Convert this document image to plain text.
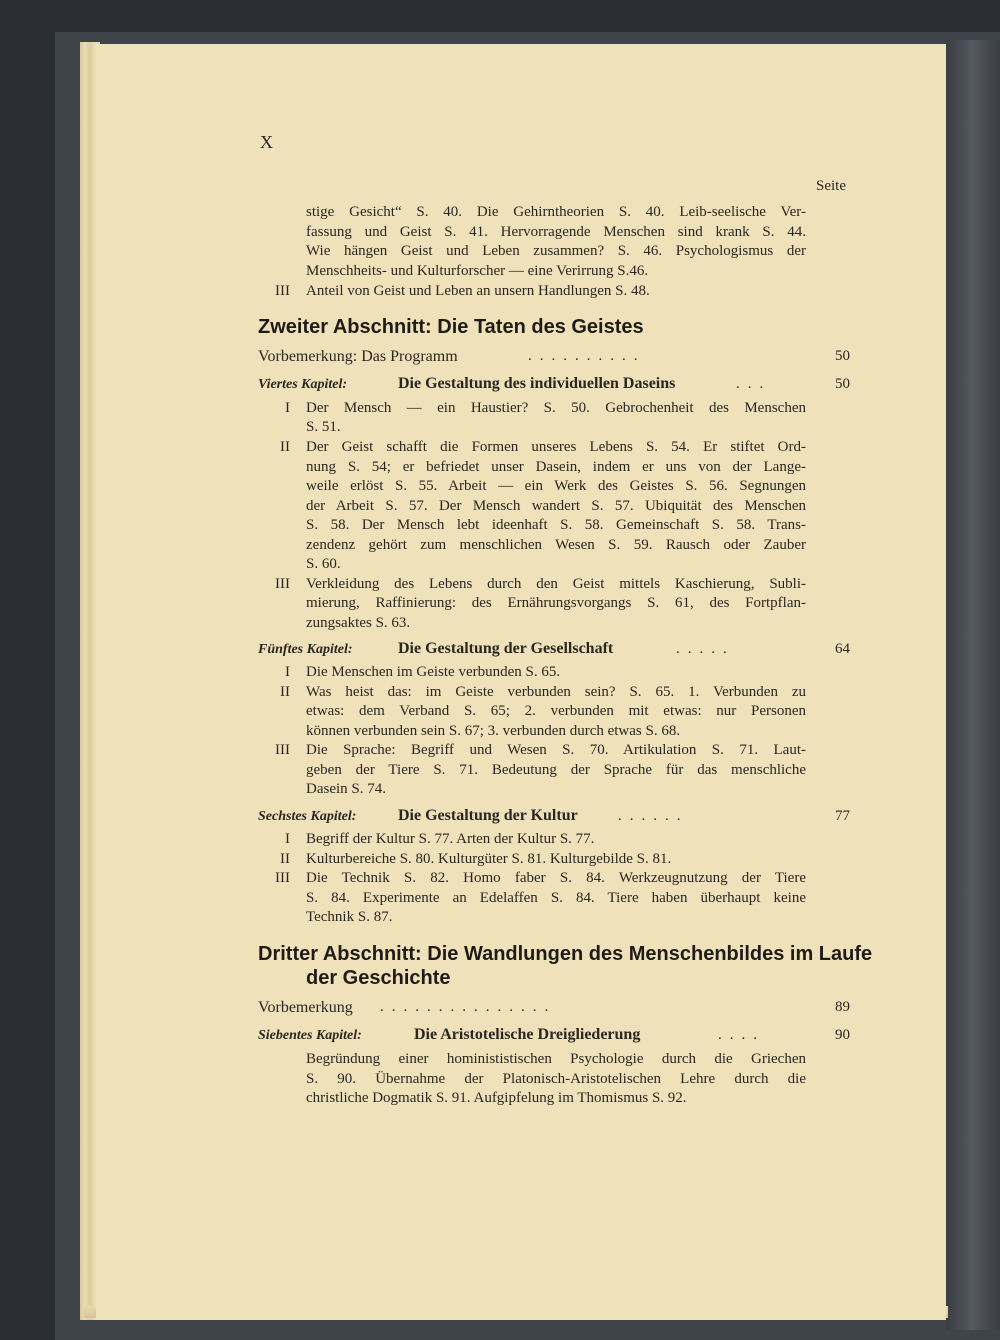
X
Seite
stige Gesicht“ S. 40. Die Gehirntheorien S. 40. Leib-seelische Ver-
fassung und Geist S. 41. Hervorragende Menschen sind krank S. 44.
Wie hängen Geist und Leben zusammen? S. 46. Psychologismus der
Menschheits- und Kulturforscher — eine Verirrung S.46.
III Anteil von Geist und Leben an unsern Handlungen S. 48.
Zweiter Abschnitt: Die Taten des Geistes
Vorbemerkung: Das Programm	..........	50
Viertes Kapitel:	Die Gestaltung des individuellen Daseins	...	50
I Der Mensch — ein Haustier? S. 50. Gebrochenheit des Menschen
S. 51.
II Der Geist schafft die Formen unseres Lebens S. 54. Er stiftet Ord-
nung S. 54; er befriedet unser Dasein, indem er uns von der Lange-
weile erlöst S. 55. Arbeit — ein Werk des Geistes S. 56. Segnungen
der Arbeit S. 57. Der Mensch wandert S. 57. Ubiquität des Menschen
S. 58. Der Mensch lebt ideenhaft S. 58. Gemeinschaft S. 58. Trans-
zendenz gehört zum menschlichen Wesen S. 59. Rausch oder Zauber
S. 60.
III Verkleidung des Lebens durch den Geist mittels Kaschierung, Subli-
mierung, Raffinierung: des Ernährungsvorgangs S. 61, des Fortpflan-
zungsaktes S. 63.
Fünftes Kapitel:	Die Gestaltung der Gesellschaft	.....	64
I Die Menschen im Geiste verbunden S. 65.
II Was heist das: im Geiste verbunden sein? S. 65. 1. Verbunden zu
etwas: dem Verband S. 65; 2. verbunden mit etwas: nur Personen
können verbunden sein S. 67; 3. verbunden durch etwas S. 68.
III Die Sprache: Begriff und Wesen S. 70. Artikulation S. 71. Laut-
geben der Tiere S. 71. Bedeutung der Sprache für das menschliche
Dasein S. 74.
Sechstes Kapitel:	Die Gestaltung der Kultur	......	77
I Begriff der Kultur S. 77. Arten der Kultur S. 77.
II Kulturbereiche S. 80. Kulturgüter S. 81. Kulturgebilde S. 81.
III Die Technik S. 82. Homo faber S. 84. Werkzeugnutzung der Tiere
S. 84. Experimente an Edelaffen S. 84. Tiere haben überhaupt keine
Technik S. 87.
Dritter Abschnitt: Die Wandlungen des Menschenbildes im Laufe
der Geschichte
Vorbemerkung ...............	89
Siebentes Kapitel:	Die Aristotelische Dreigliederung	....	90
Begründung einer hominististischen Psychologie durch die Griechen
S. 90. Übernahme der Platonisch-Aristotelischen Lehre durch die
christliche Dogmatik S. 91. Aufgipfelung im Thomismus S. 92.
